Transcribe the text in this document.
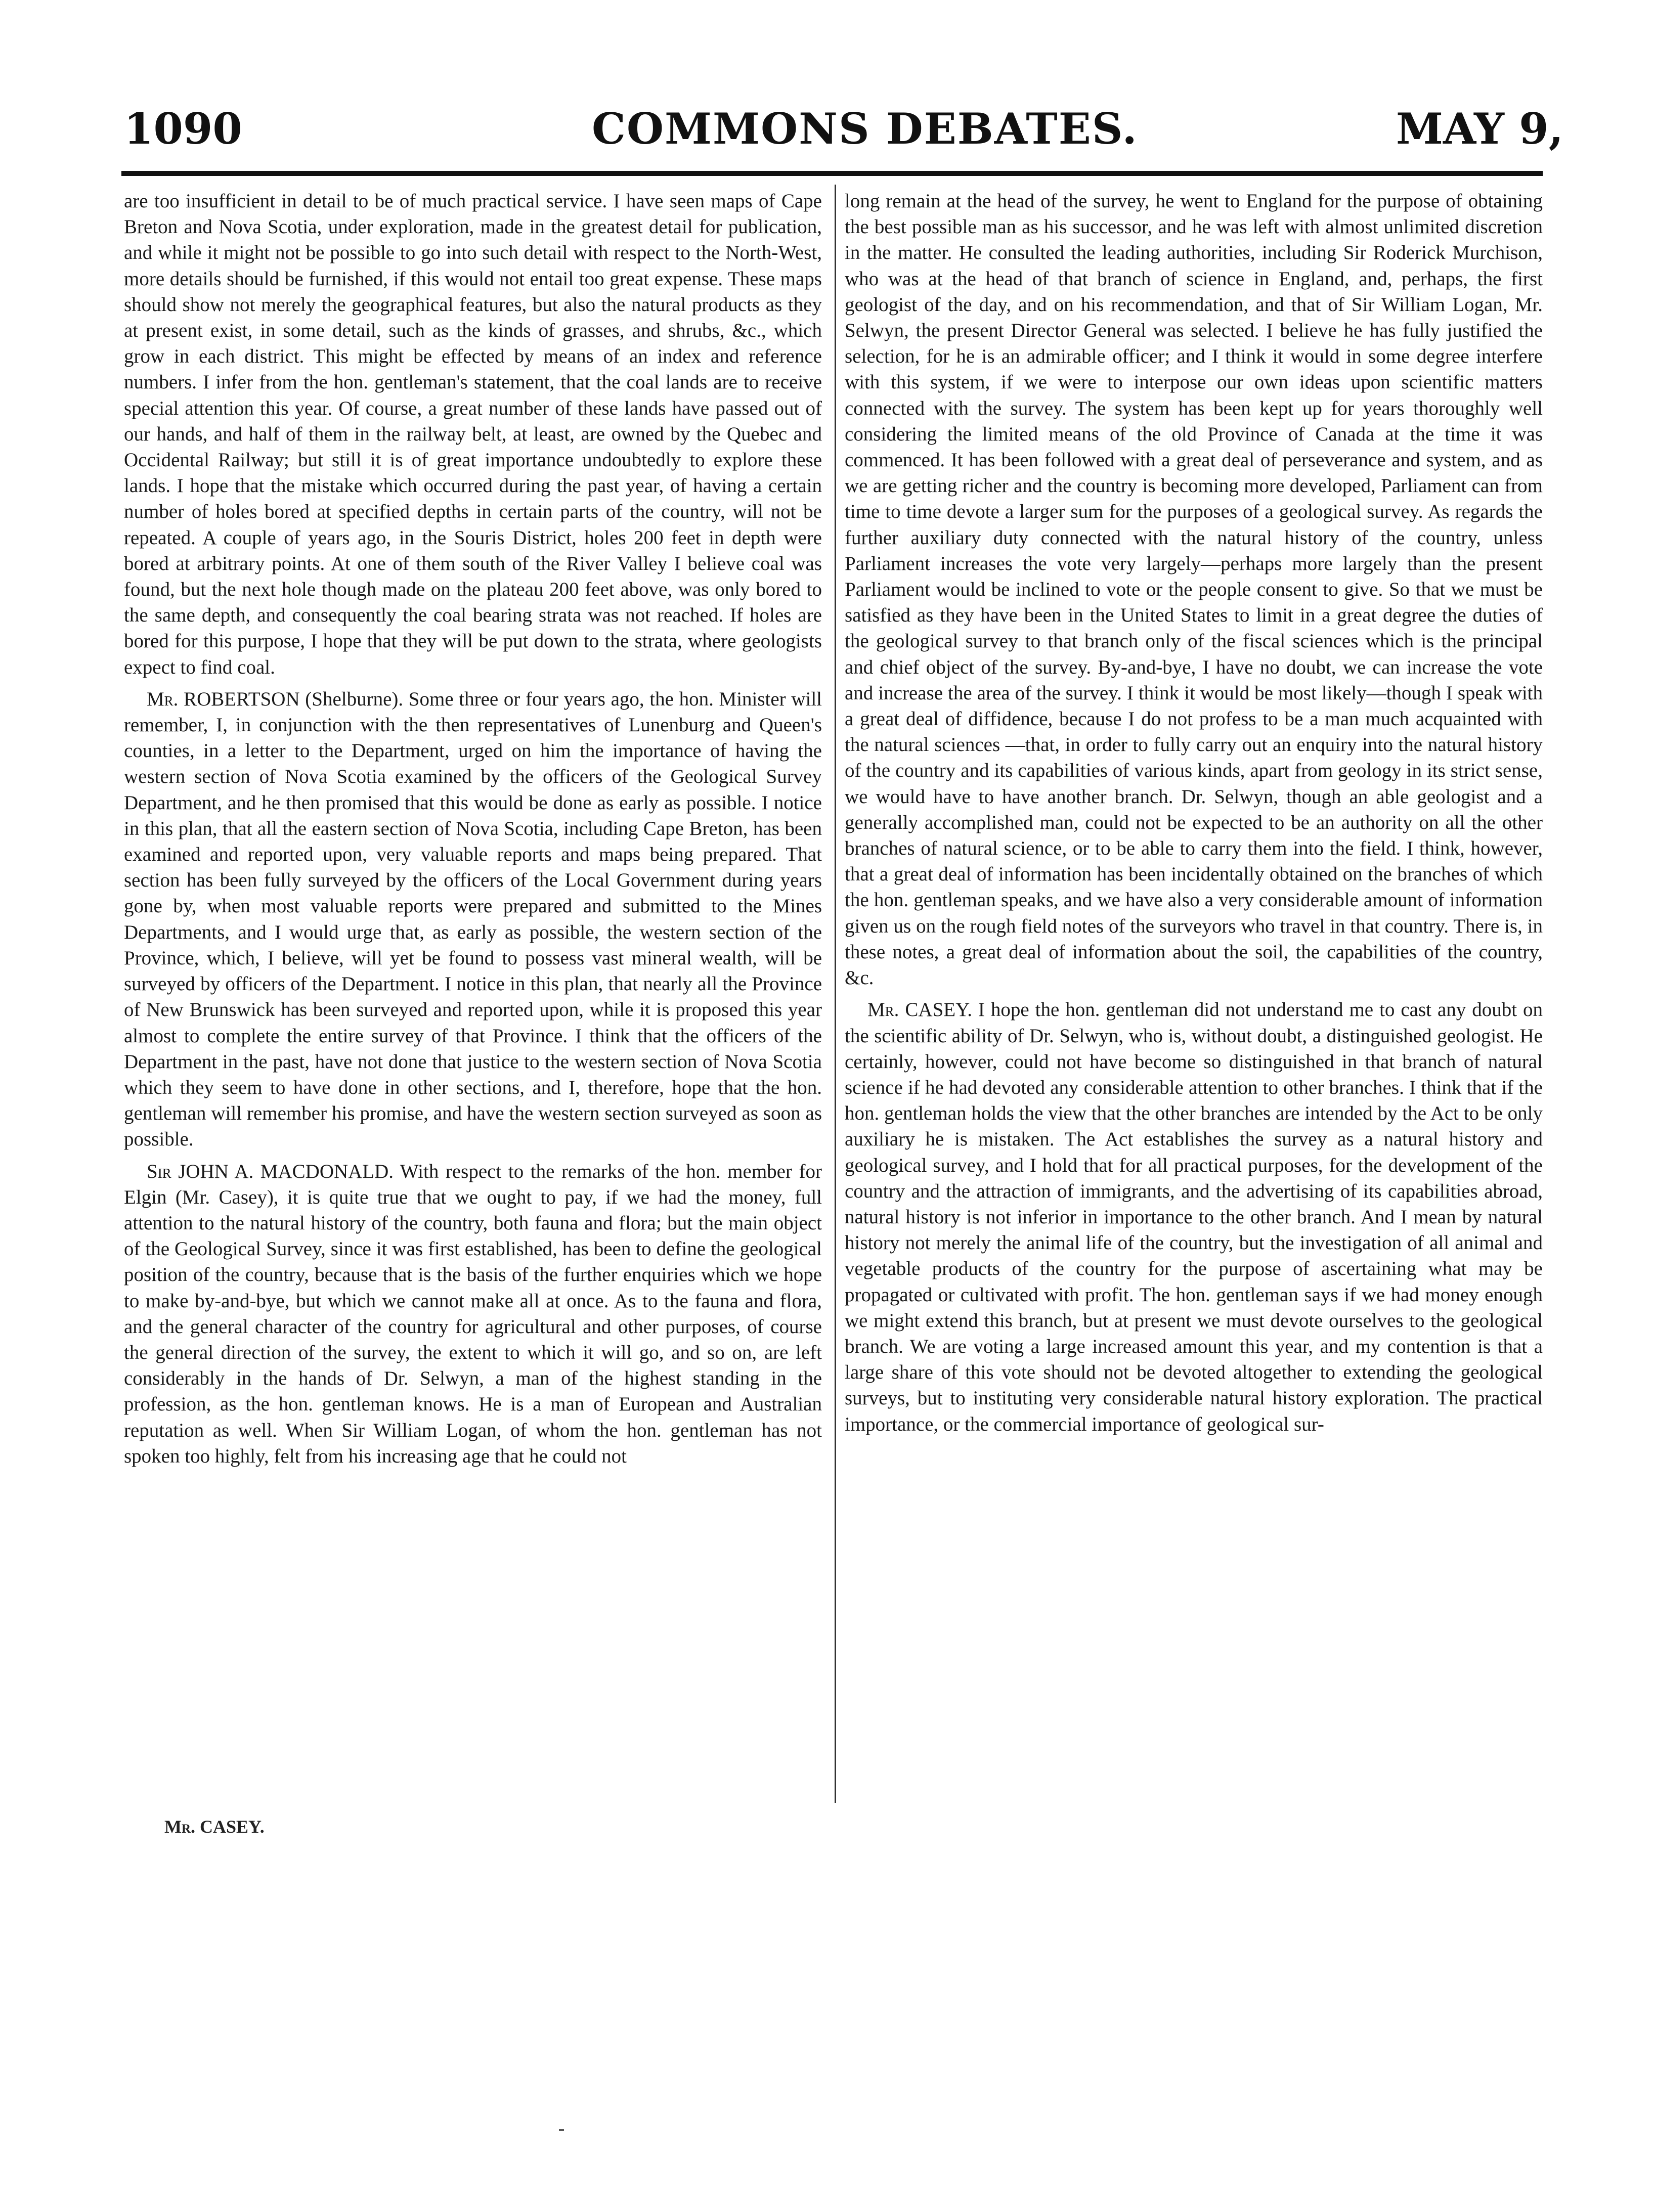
1090	COMMONS DEBATES.	MAY 9,

are too insufficient in detail to be of much practical service. I have seen maps of Cape Breton and Nova Scotia, under exploration, made in the greatest detail for publication, and while it might not be possible to go into such detail with respect to the North-West, more details should be furnished, if this would not entail too great expense. These maps should show not merely the geographical features, but also the natural products as they at present exist, in some detail, such as the kinds of grasses, and shrubs, &c., which grow in each district. This might be effected by means of an index and reference numbers. I infer from the hon. gentleman's statement, that the coal lands are to receive special attention this year. Of course, a great number of these lands have passed out of our hands, and half of them in the railway belt, at least, are owned by the Quebec and Occidental Railway; but still it is of great importance undoubtedly to explore these lands. I hope that the mistake which occurred during the past year, of having a certain number of holes bored at specified depths in certain parts of the country, will not be repeated. A couple of years ago, in the Souris District, holes 200 feet in depth were bored at arbitrary points. At one of them south of the River Valley I believe coal was found, but the next hole though made on the plateau 200 feet above, was only bored to the same depth, and consequently the coal bearing strata was not reached. If holes are bored for this purpose, I hope that they will be put down to the strata, where geologists expect to find coal.

Mr. ROBERTSON (Shelburne). Some three or four years ago, the hon. Minister will remember, I, in conjunction with the then representatives of Lunenburg and Queen's counties, in a letter to the Department, urged on him the importance of having the western section of Nova Scotia examined by the officers of the Geological Survey Department, and he then promised that this would be done as early as possible. I notice in this plan, that all the eastern section of Nova Scotia, including Cape Breton, has been examined and reported upon, very valuable reports and maps being prepared. That section has been fully surveyed by the officers of the Local Government during years gone by, when most valuable reports were prepared and submitted to the Mines Departments, and I would urge that, as early as possible, the western section of the Province, which, I believe, will yet be found to possess vast mineral wealth, will be surveyed by officers of the Department. I notice in this plan, that nearly all the Province of New Brunswick has been surveyed and reported upon, while it is proposed this year almost to complete the entire survey of that Province. I think that the officers of the Department in the past, have not done that justice to the western section of Nova Scotia which they seem to have done in other sections, and I, therefore, hope that the hon. gentleman will remember his promise, and have the western section surveyed as soon as possible.

Sir JOHN A. MACDONALD. With respect to the remarks of the hon. member for Elgin (Mr. Casey), it is quite true that we ought to pay, if we had the money, full attention to the natural history of the country, both fauna and flora; but the main object of the Geological Survey, since it was first established, has been to define the geological position of the country, because that is the basis of the further enquiries which we hope to make by-and-bye, but which we cannot make all at once. As to the fauna and flora, and the general character of the country for agricultural and other purposes, of course the general direction of the survey, the extent to which it will go, and so on, are left considerably in the hands of Dr. Selwyn, a man of the highest standing in the profession, as the hon. gentleman knows. He is a man of European and Australian reputation as well. When Sir William Logan, of whom the hon. gentleman has not spoken too highly, felt from his increasing age that he could not

long remain at the head of the survey, he went to England for the purpose of obtaining the best possible man as his successor, and he was left with almost unlimited discretion in the matter. He consulted the leading authorities, including Sir Roderick Murchison, who was at the head of that branch of science in England, and, perhaps, the first geologist of the day, and on his recommendation, and that of Sir William Logan, Mr. Selwyn, the present Director General was selected. I believe he has fully justified the selection, for he is an admirable officer; and I think it would in some degree interfere with this system, if we were to interpose our own ideas upon scientific matters connected with the survey. The system has been kept up for years thoroughly well considering the limited means of the old Province of Canada at the time it was commenced. It has been followed with a great deal of perseverance and system, and as we are getting richer and the country is becoming more developed, Parliament can from time to time devote a larger sum for the purposes of a geological survey. As regards the further auxiliary duty connected with the natural history of the country, unless Parliament increases the vote very largely—perhaps more largely than the present Parliament would be inclined to vote or the people consent to give. So that we must be satisfied as they have been in the United States to limit in a great degree the duties of the geological survey to that branch only of the fiscal sciences which is the principal and chief object of the survey. By-and-bye, I have no doubt, we can increase the vote and increase the area of the survey. I think it would be most likely—though I speak with a great deal of diffidence, because I do not profess to be a man much acquainted with the natural sciences —that, in order to fully carry out an enquiry into the natural history of the country and its capabilities of various kinds, apart from geology in its strict sense, we would have to have another branch. Dr. Selwyn, though an able geologist and a generally accomplished man, could not be expected to be an authority on all the other branches of natural science, or to be able to carry them into the field. I think, however, that a great deal of information has been incidentally obtained on the branches of which the hon. gentleman speaks, and we have also a very considerable amount of information given us on the rough field notes of the surveyors who travel in that country. There is, in these notes, a great deal of information about the soil, the capabilities of the country, &c.

Mr. CASEY. I hope the hon. gentleman did not understand me to cast any doubt on the scientific ability of Dr. Selwyn, who is, without doubt, a distinguished geologist. He certainly, however, could not have become so distinguished in that branch of natural science if he had devoted any considerable attention to other branches. I think that if the hon. gentleman holds the view that the other branches are intended by the Act to be only auxiliary he is mistaken. The Act establishes the survey as a natural history and geological survey, and I hold that for all practical purposes, for the development of the country and the attraction of immigrants, and the advertising of its capabilities abroad, natural history is not inferior in importance to the other branch. And I mean by natural history not merely the animal life of the country, but the investigation of all animal and vegetable products of the country for the purpose of ascertaining what may be propagated or cultivated with profit. The hon. gentleman says if we had money enough we might extend this branch, but at present we must devote ourselves to the geological branch. We are voting a large increased amount this year, and my contention is that a large share of this vote should not be devoted altogether to extending the geological surveys, but to instituting very considerable natural history exploration. The practical importance, or the commercial importance of geological sur-

Mr. CASEY.
